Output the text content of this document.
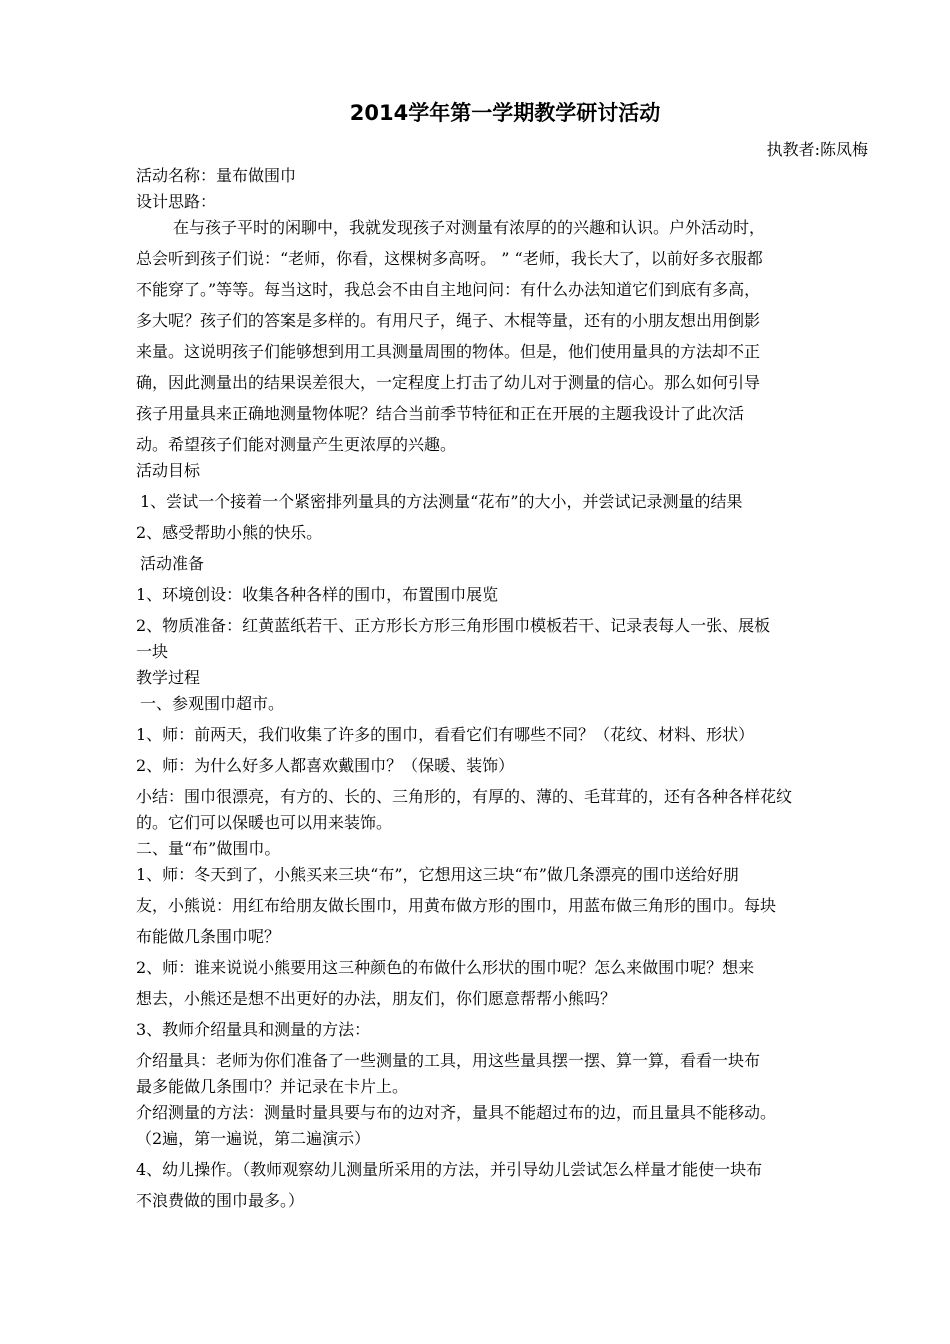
2014学年第一学期教学研讨活动
执教者:陈凤梅
活动名称：量布做围巾
设计思路：
在与孩子平时的闲聊中，我就发现孩子对测量有浓厚的的兴趣和认识。户外活动时，
总会听到孩子们说：“老师，你看，这棵树多高呀。 ” “老师，我长大了，以前好多衣服都
不能穿了。”等等。每当这时，我总会不由自主地问问：有什么办法知道它们到底有多高，
多大呢？孩子们的答案是多样的。有用尺子，绳子、木棍等量，还有的小朋友想出用倒影
来量。这说明孩子们能够想到用工具测量周围的物体。但是，他们使用量具的方法却不正
确，因此测量出的结果误差很大，一定程度上打击了幼儿对于测量的信心。那么如何引导
孩子用量具来正确地测量物体呢？结合当前季节特征和正在开展的主题我设计了此次活
动。希望孩子们能对测量产生更浓厚的兴趣。
活动目标
1、尝试一个接着一个紧密排列量具的方法测量“花布”的大小，并尝试记录测量的结果
2、感受帮助小熊的快乐。
活动准备
1、环境创设：收集各种各样的围巾，布置围巾展览
2、物质准备：红黄蓝纸若干、正方形长方形三角形围巾模板若干、记录表每人一张、展板
一块
教学过程
一、参观围巾超市。
1、师：前两天，我们收集了许多的围巾，看看它们有哪些不同？（花纹、材料、形状）
2、师：为什么好多人都喜欢戴围巾？（保暖、装饰）
小结：围巾很漂亮，有方的、长的、三角形的，有厚的、薄的、毛茸茸的，还有各种各样花纹
的。它们可以保暖也可以用来装饰。
二、量“布”做围巾。
1、师：冬天到了，小熊买来三块“布”，它想用这三块“布”做几条漂亮的围巾送给好朋
友，小熊说：用红布给朋友做长围巾，用黄布做方形的围巾，用蓝布做三角形的围巾。每块
布能做几条围巾呢？
2、师：谁来说说小熊要用这三种颜色的布做什么形状的围巾呢？怎么来做围巾呢？想来
想去，小熊还是想不出更好的办法，朋友们，你们愿意帮帮小熊吗？
3、教师介绍量具和测量的方法：
介绍量具：老师为你们准备了一些测量的工具，用这些量具摆一摆、算一算，看看一块布
最多能做几条围巾？并记录在卡片上。
介绍测量的方法：测量时量具要与布的边对齐，量具不能超过布的边，而且量具不能移动。
（2遍，第一遍说，第二遍演示）
4、幼儿操作。（教师观察幼儿测量所采用的方法，并引导幼儿尝试怎么样量才能使一块布
不浪费做的围巾最多。）
